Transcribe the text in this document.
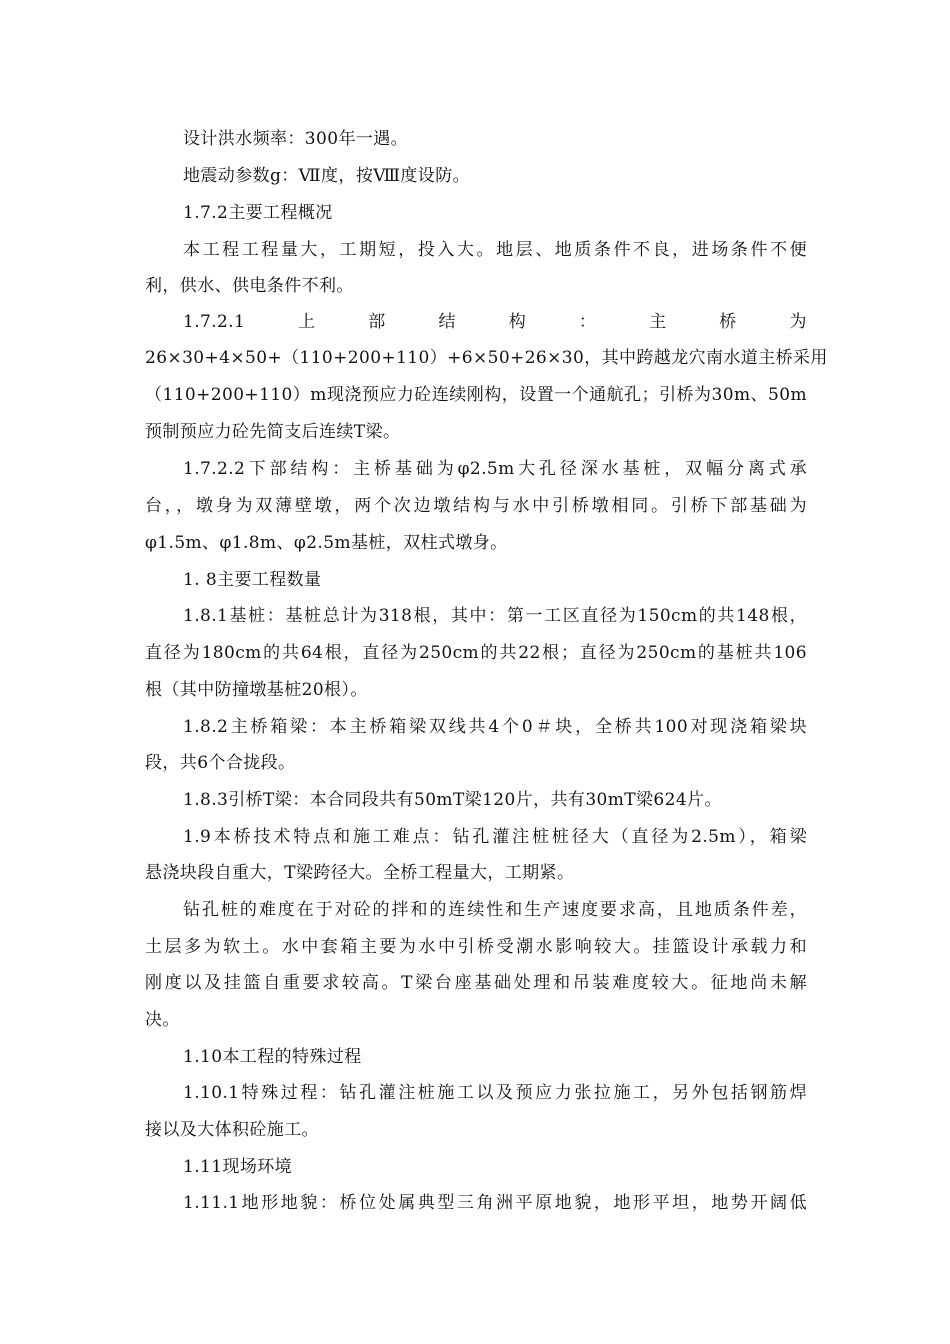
设计洪水频率：300年一遇。
地震动参数g：Ⅶ度，按Ⅷ度设防。
1.7.2主要工程概况
本工程工程量大，工期短，投入大。地层、地质条件不良，进场条件不便
利，供水、供电条件不利。
1.7.2.1	上	部	结	构	：	主	桥	为
26×30+4×50+（110+200+110）+6×50+26×30，其中跨越龙穴南水道主桥采用
（110+200+110）m现浇预应力砼连续刚构，设置一个通航孔；引桥为30m、50m
预制预应力砼先简支后连续T梁。
1.7.2.2下部结构：主桥基础为φ2.5m大孔径深水基桩，双幅分离式承
台，，墩身为双薄壁墩，两个次边墩结构与水中引桥墩相同。引桥下部基础为
φ1.5m、φ1.8m、φ2.5m基桩，双柱式墩身。
1. 8主要工程数量
1.8.1基桩：基桩总计为318根，其中：第一工区直径为150cm的共148根，
直径为180cm的共64根，直径为250cm的共22根；直径为250cm的基桩共106
根（其中防撞墩基桩20根）。
1.8.2主桥箱梁：本主桥箱梁双线共4个0＃块，全桥共100对现浇箱梁块
段，共6个合拢段。
1.8.3引桥T梁：本合同段共有50mT梁120片，共有30mT梁624片。
1.9本桥技术特点和施工难点：钻孔灌注桩桩径大（直径为2.5m），箱梁
悬浇块段自重大，T梁跨径大。全桥工程量大，工期紧。
钻孔桩的难度在于对砼的拌和的连续性和生产速度要求高，且地质条件差，
土层多为软土。水中套箱主要为水中引桥受潮水影响较大。挂篮设计承载力和
刚度以及挂篮自重要求较高。T梁台座基础处理和吊装难度较大。征地尚未解
决。
1.10本工程的特殊过程
1.10.1特殊过程：钻孔灌注桩施工以及预应力张拉施工，另外包括钢筋焊
接以及大体积砼施工。
1.11现场环境
1.11.1地形地貌：桥位处属典型三角洲平原地貌，地形平坦，地势开阔低
